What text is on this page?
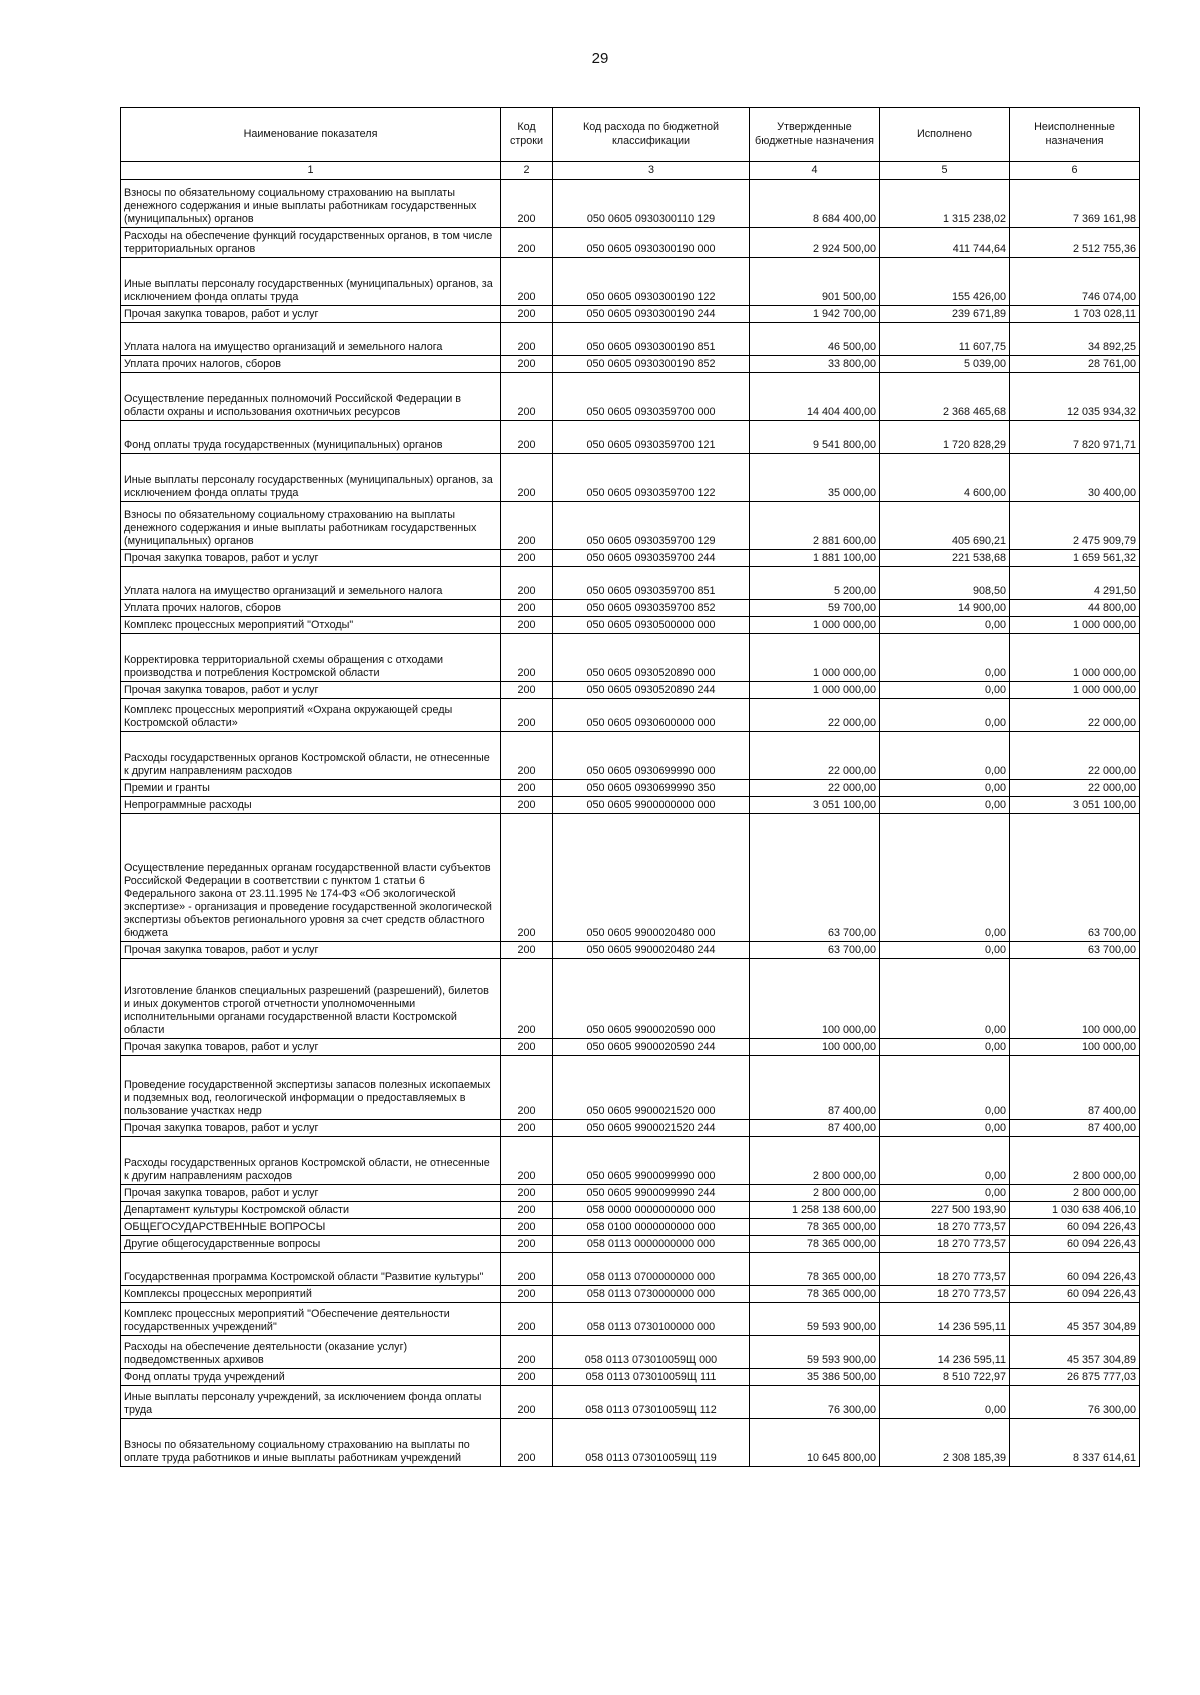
29
Наименование показателя	Код строки	Код расхода по бюджетной классификации	Утвержденные бюджетные назначения	Исполнено	Неисполненные назначения
1	2	3	4	5	6
Взносы по обязательному социальному страхованию на выплаты денежного содержания и иные выплаты работникам государственных (муниципальных) органов	200	050 0605 0930300110 129	8 684 400,00	1 315 238,02	7 369 161,98
Расходы на обеспечение функций государственных органов, в том числе территориальных органов	200	050 0605 0930300190 000	2 924 500,00	411 744,64	2 512 755,36
Иные выплаты персоналу государственных (муниципальных) органов, за исключением фонда оплаты труда	200	050 0605 0930300190 122	901 500,00	155 426,00	746 074,00
Прочая закупка товаров, работ и услуг	200	050 0605 0930300190 244	1 942 700,00	239 671,89	1 703 028,11
Уплата налога на имущество организаций и земельного налога	200	050 0605 0930300190 851	46 500,00	11 607,75	34 892,25
Уплата прочих налогов, сборов	200	050 0605 0930300190 852	33 800,00	5 039,00	28 761,00
Осуществление переданных полномочий Российской Федерации в области охраны и использования охотничьих ресурсов	200	050 0605 0930359700 000	14 404 400,00	2 368 465,68	12 035 934,32
Фонд оплаты труда государственных (муниципальных) органов	200	050 0605 0930359700 121	9 541 800,00	1 720 828,29	7 820 971,71
Иные выплаты персоналу государственных (муниципальных) органов, за исключением фонда оплаты труда	200	050 0605 0930359700 122	35 000,00	4 600,00	30 400,00
Взносы по обязательному социальному страхованию на выплаты денежного содержания и иные выплаты работникам государственных (муниципальных) органов	200	050 0605 0930359700 129	2 881 600,00	405 690,21	2 475 909,79
Прочая закупка товаров, работ и услуг	200	050 0605 0930359700 244	1 881 100,00	221 538,68	1 659 561,32
Уплата налога на имущество организаций и земельного налога	200	050 0605 0930359700 851	5 200,00	908,50	4 291,50
Уплата прочих налогов, сборов	200	050 0605 0930359700 852	59 700,00	14 900,00	44 800,00
Комплекс процессных мероприятий "Отходы"	200	050 0605 0930500000 000	1 000 000,00	0,00	1 000 000,00
Корректировка территориальной схемы обращения с отходами производства и потребления Костромской области	200	050 0605 0930520890 000	1 000 000,00	0,00	1 000 000,00
Прочая закупка товаров, работ и услуг	200	050 0605 0930520890 244	1 000 000,00	0,00	1 000 000,00
Комплекс процессных мероприятий «Охрана окружающей среды Костромской области»	200	050 0605 0930600000 000	22 000,00	0,00	22 000,00
Расходы государственных органов Костромской области, не отнесенные к другим направлениям расходов	200	050 0605 0930699990 000	22 000,00	0,00	22 000,00
Премии и гранты	200	050 0605 0930699990 350	22 000,00	0,00	22 000,00
Непрограммные расходы	200	050 0605 9900000000 000	3 051 100,00	0,00	3 051 100,00
Осуществление переданных органам государственной власти субъектов Российской Федерации в соответствии с пунктом 1 статьи 6 Федерального закона от 23.11.1995 № 174-ФЗ «Об экологической экспертизе» - организация и проведение государственной экологической экспертизы объектов регионального уровня за счет средств областного бюджета	200	050 0605 9900020480 000	63 700,00	0,00	63 700,00
Прочая закупка товаров, работ и услуг	200	050 0605 9900020480 244	63 700,00	0,00	63 700,00
Изготовление бланков специальных разрешений (разрешений), билетов и иных документов строгой отчетности уполномоченными исполнительными органами государственной власти Костромской области	200	050 0605 9900020590 000	100 000,00	0,00	100 000,00
Прочая закупка товаров, работ и услуг	200	050 0605 9900020590 244	100 000,00	0,00	100 000,00
Проведение государственной экспертизы запасов полезных ископаемых и подземных вод, геологической информации о предоставляемых в пользование участках недр	200	050 0605 9900021520 000	87 400,00	0,00	87 400,00
Прочая закупка товаров, работ и услуг	200	050 0605 9900021520 244	87 400,00	0,00	87 400,00
Расходы государственных органов Костромской области, не отнесенные к другим направлениям расходов	200	050 0605 9900099990 000	2 800 000,00	0,00	2 800 000,00
Прочая закупка товаров, работ и услуг	200	050 0605 9900099990 244	2 800 000,00	0,00	2 800 000,00
Департамент культуры Костромской области	200	058 0000 0000000000 000	1 258 138 600,00	227 500 193,90	1 030 638 406,10
ОБЩЕГОСУДАРСТВЕННЫЕ ВОПРОСЫ	200	058 0100 0000000000 000	78 365 000,00	18 270 773,57	60 094 226,43
Другие общегосударственные вопросы	200	058 0113 0000000000 000	78 365 000,00	18 270 773,57	60 094 226,43
Государственная программа Костромской области "Развитие культуры"	200	058 0113 0700000000 000	78 365 000,00	18 270 773,57	60 094 226,43
Комплексы процессных мероприятий	200	058 0113 0730000000 000	78 365 000,00	18 270 773,57	60 094 226,43
Комплекс процессных мероприятий "Обеспечение деятельности государственных учреждений"	200	058 0113 0730100000 000	59 593 900,00	14 236 595,11	45 357 304,89
Расходы на обеспечение деятельности (оказание услуг) подведомственных архивов	200	058 0113 073010059Щ 000	59 593 900,00	14 236 595,11	45 357 304,89
Фонд оплаты труда учреждений	200	058 0113 073010059Щ 111	35 386 500,00	8 510 722,97	26 875 777,03
Иные выплаты персоналу учреждений, за исключением фонда оплаты труда	200	058 0113 073010059Щ 112	76 300,00	0,00	76 300,00
Взносы по обязательному социальному страхованию на выплаты по оплате труда работников и иные выплаты работникам учреждений	200	058 0113 073010059Щ 119	10 645 800,00	2 308 185,39	8 337 614,61
